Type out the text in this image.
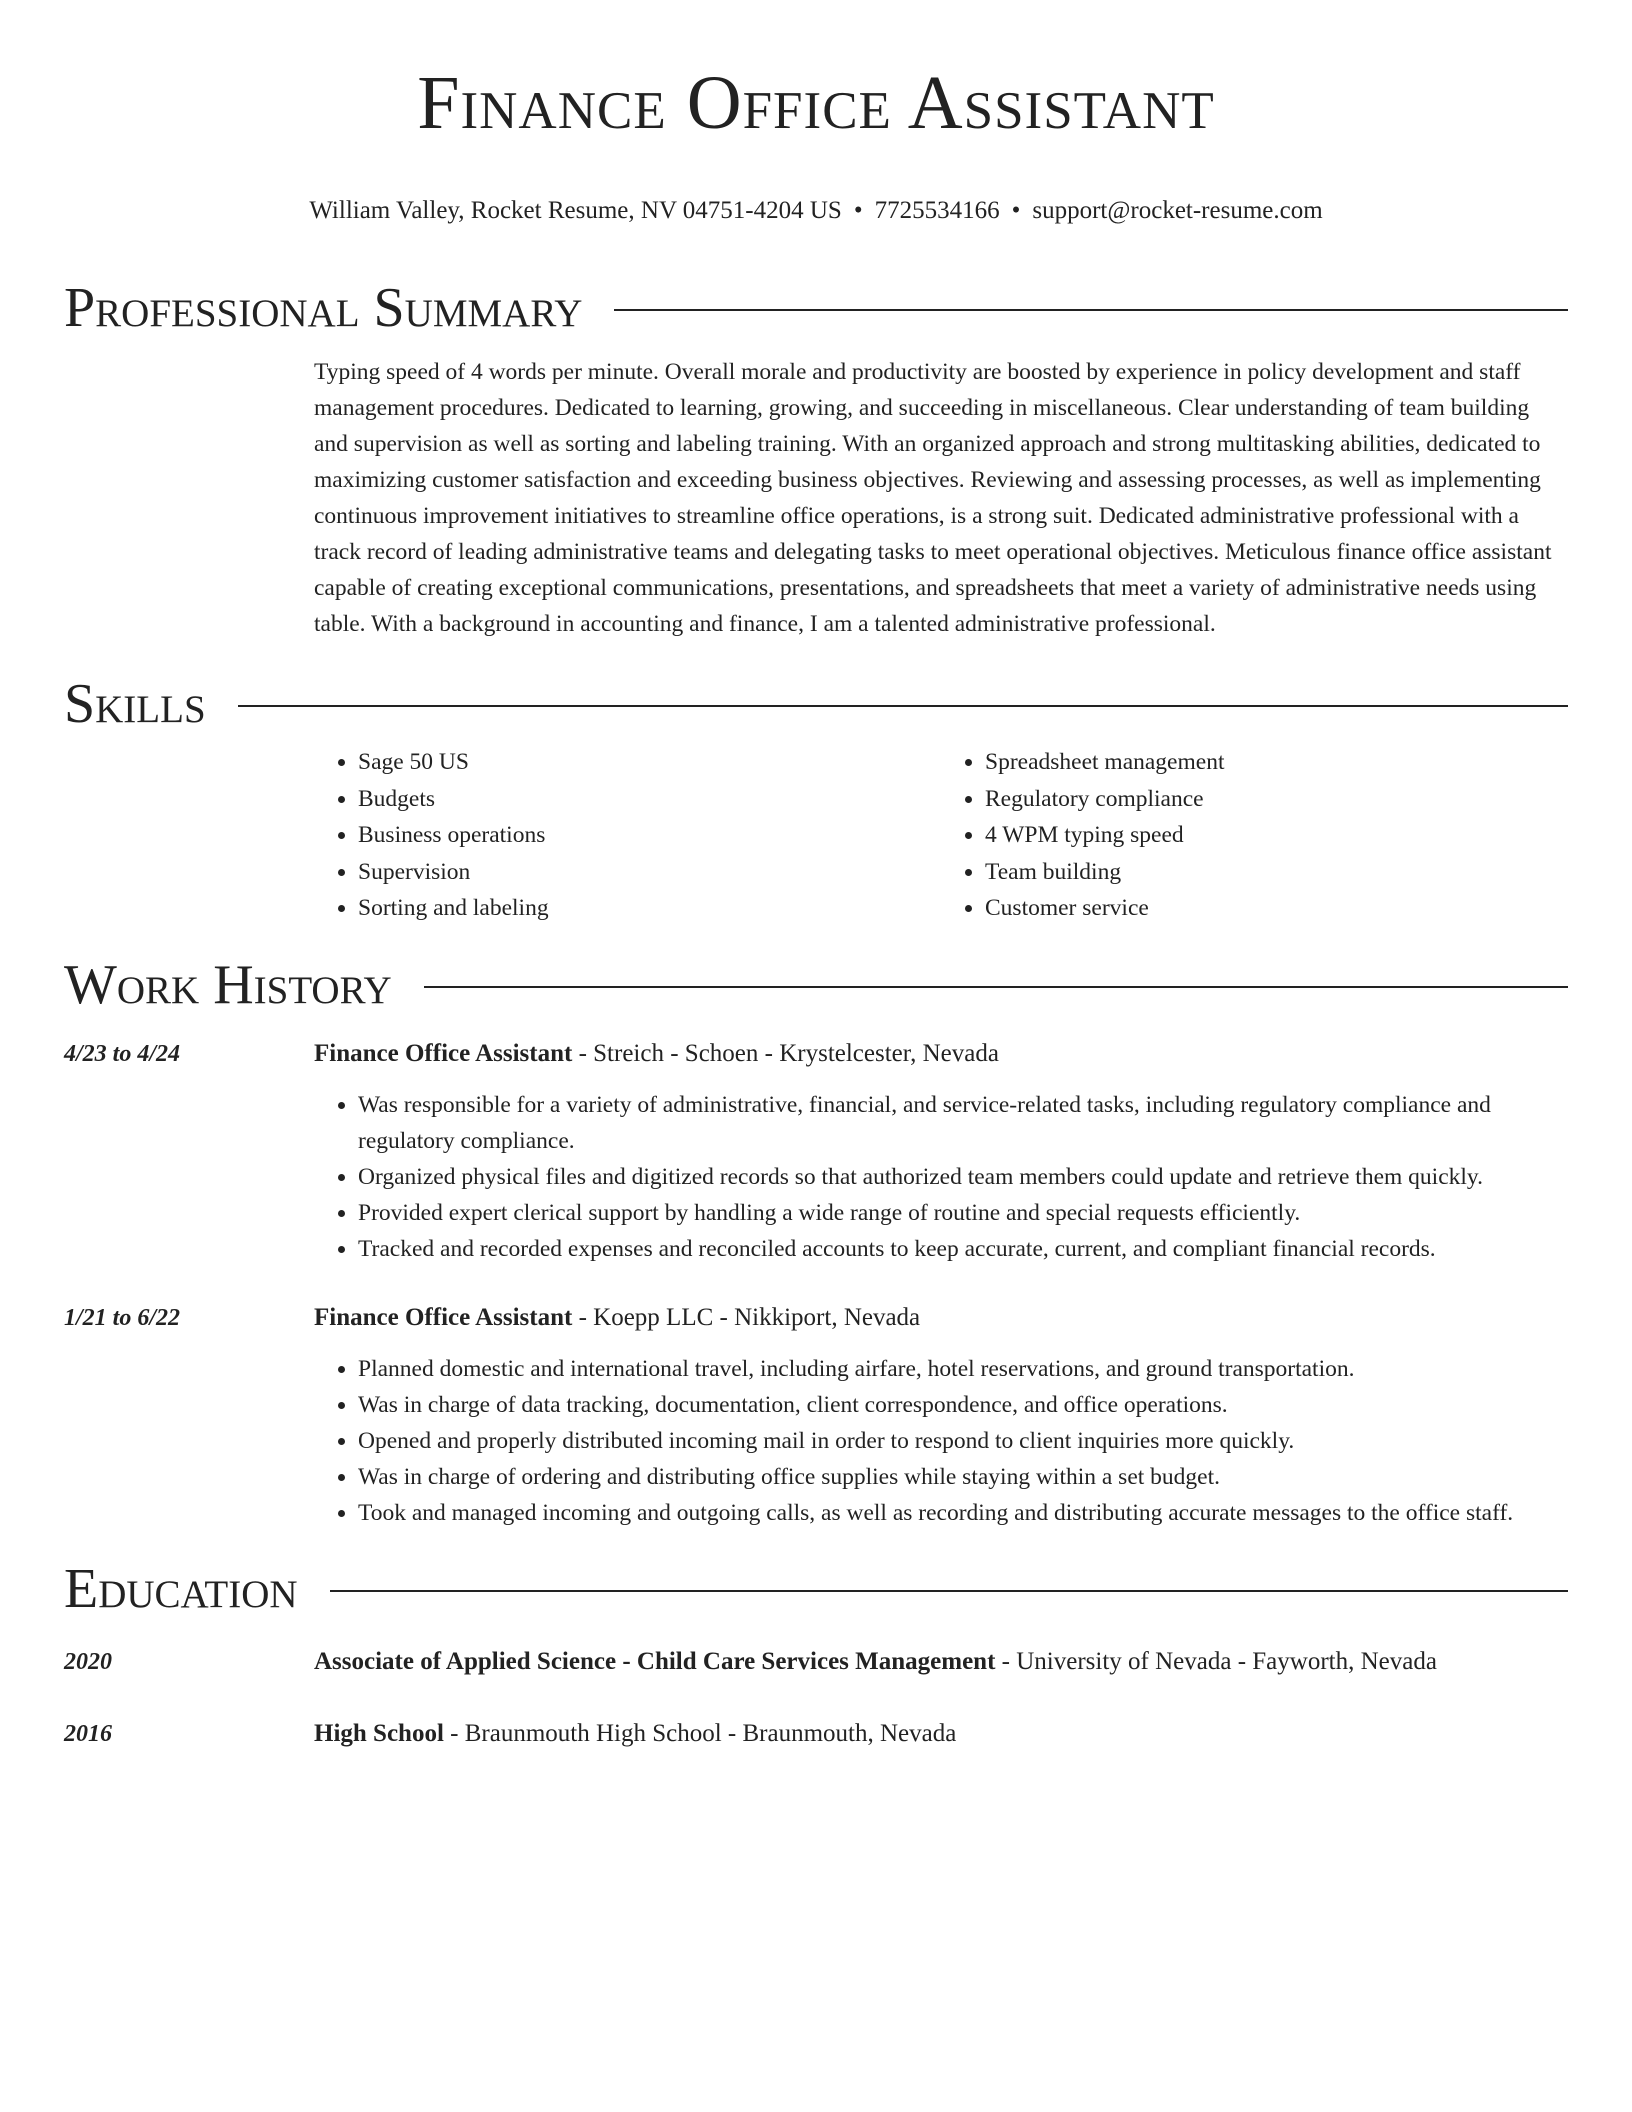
Finance Office Assistant
William Valley, Rocket Resume, NV 04751-4204 US • 7725534166 • support@rocket-resume.com
Professional Summary
Typing speed of 4 words per minute. Overall morale and productivity are boosted by experience in policy development and staff management procedures. Dedicated to learning, growing, and succeeding in miscellaneous. Clear understanding of team building and supervision as well as sorting and labeling training. With an organized approach and strong multitasking abilities, dedicated to maximizing customer satisfaction and exceeding business objectives. Reviewing and assessing processes, as well as implementing continuous improvement initiatives to streamline office operations, is a strong suit. Dedicated administrative professional with a track record of leading administrative teams and delegating tasks to meet operational objectives. Meticulous finance office assistant capable of creating exceptional communications, presentations, and spreadsheets that meet a variety of administrative needs using table. With a background in accounting and finance, I am a talented administrative professional.
Skills
• Sage 50 US
• Budgets
• Business operations
• Supervision
• Sorting and labeling
• Spreadsheet management
• Regulatory compliance
• 4 WPM typing speed
• Team building
• Customer service
Work History
4/23 to 4/24	Finance Office Assistant - Streich - Schoen - Krystelcester, Nevada
• Was responsible for a variety of administrative, financial, and service-related tasks, including regulatory compliance and regulatory compliance.
• Organized physical files and digitized records so that authorized team members could update and retrieve them quickly.
• Provided expert clerical support by handling a wide range of routine and special requests efficiently.
• Tracked and recorded expenses and reconciled accounts to keep accurate, current, and compliant financial records.
1/21 to 6/22	Finance Office Assistant - Koepp LLC - Nikkiport, Nevada
• Planned domestic and international travel, including airfare, hotel reservations, and ground transportation.
• Was in charge of data tracking, documentation, client correspondence, and office operations.
• Opened and properly distributed incoming mail in order to respond to client inquiries more quickly.
• Was in charge of ordering and distributing office supplies while staying within a set budget.
• Took and managed incoming and outgoing calls, as well as recording and distributing accurate messages to the office staff.
Education
2020	Associate of Applied Science - Child Care Services Management - University of Nevada - Fayworth, Nevada
2016	High School - Braunmouth High School - Braunmouth, Nevada
